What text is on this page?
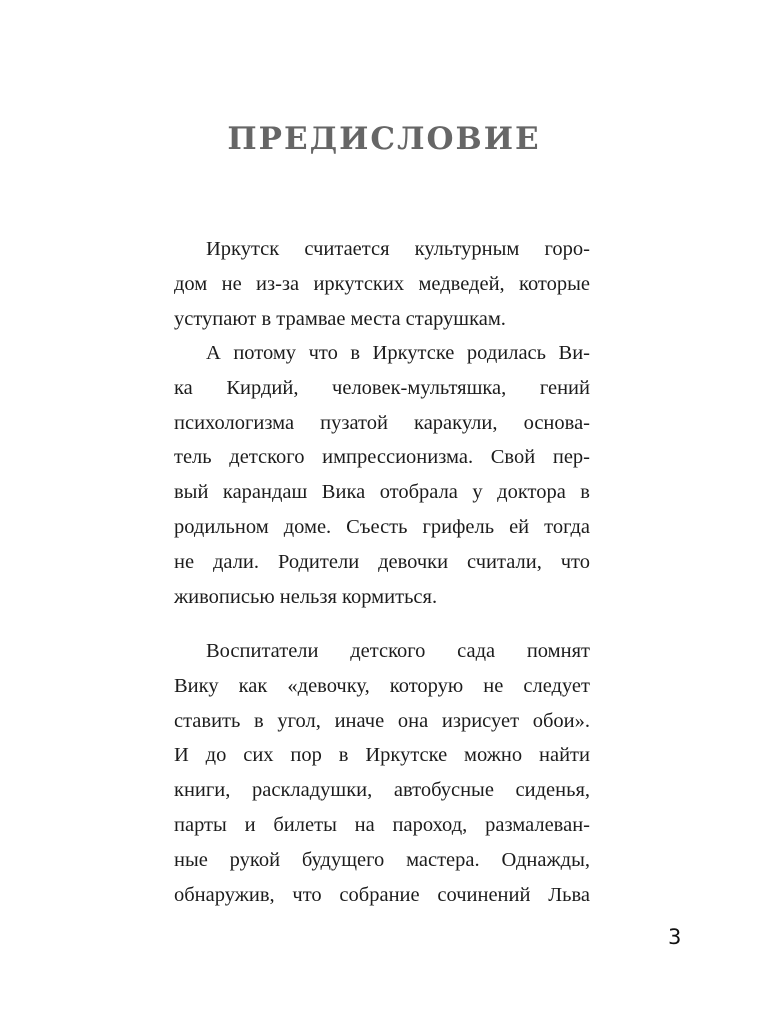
ПРЕДИСЛОВИЕ
Иркутск считается культурным горо-
дом не из-за иркутских медведей, которые
уступают в трамвае места старушкам.
А потому что в Иркутске родилась Ви-
ка Кирдий, человек-мультяшка, гений
психологизма пузатой каракули, основа-
тель детского импрессионизма. Свой пер-
вый карандаш Вика отобрала у доктора в
родильном доме. Съесть грифель ей тогда
не дали. Родители девочки считали, что
живописью нельзя кормиться.
Воспитатели детского сада помнят
Вику как «девочку, которую не следует
ставить в угол, иначе она изрисует обои».
И до сих пор в Иркутске можно найти
книги, раскладушки, автобусные сиденья,
парты и билеты на пароход, размалеван-
ные рукой будущего мастера. Однажды,
обнаружив, что собрание сочинений Льва
3
